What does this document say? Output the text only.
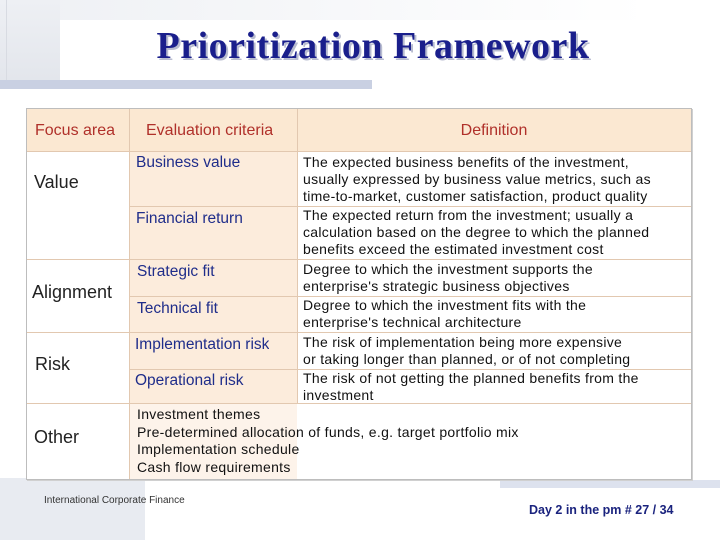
Prioritization Framework
Focus area Evaluation criteria	Definition
Value
Business value
Financial return
The expected business benefits of the investment,
usually expressed by business value metrics, such as
time-to-market, customer satisfaction, product quality
The expected return from the investment; usually a
calculation based on the degree to which the planned
benefits exceed the estimated investment cost
Alignment
Strategic fit
Technical fit
Degree to which the investment supports the
enterprise's strategic business objectives
Degree to which the investment fits with the
enterprise's technical architecture
Risk
Implementation risk
Operational risk
The risk of implementation being more expensive
or taking longer than planned, or of not completing
The risk of not getting the planned benefits from the
investment
Other
Investment themes
Pre-determined allocation of funds, e.g. target portfolio mix
Implementation schedule
Cash flow requirements
International Corporate Finance
Day 2 in the pm # 27 / 34
